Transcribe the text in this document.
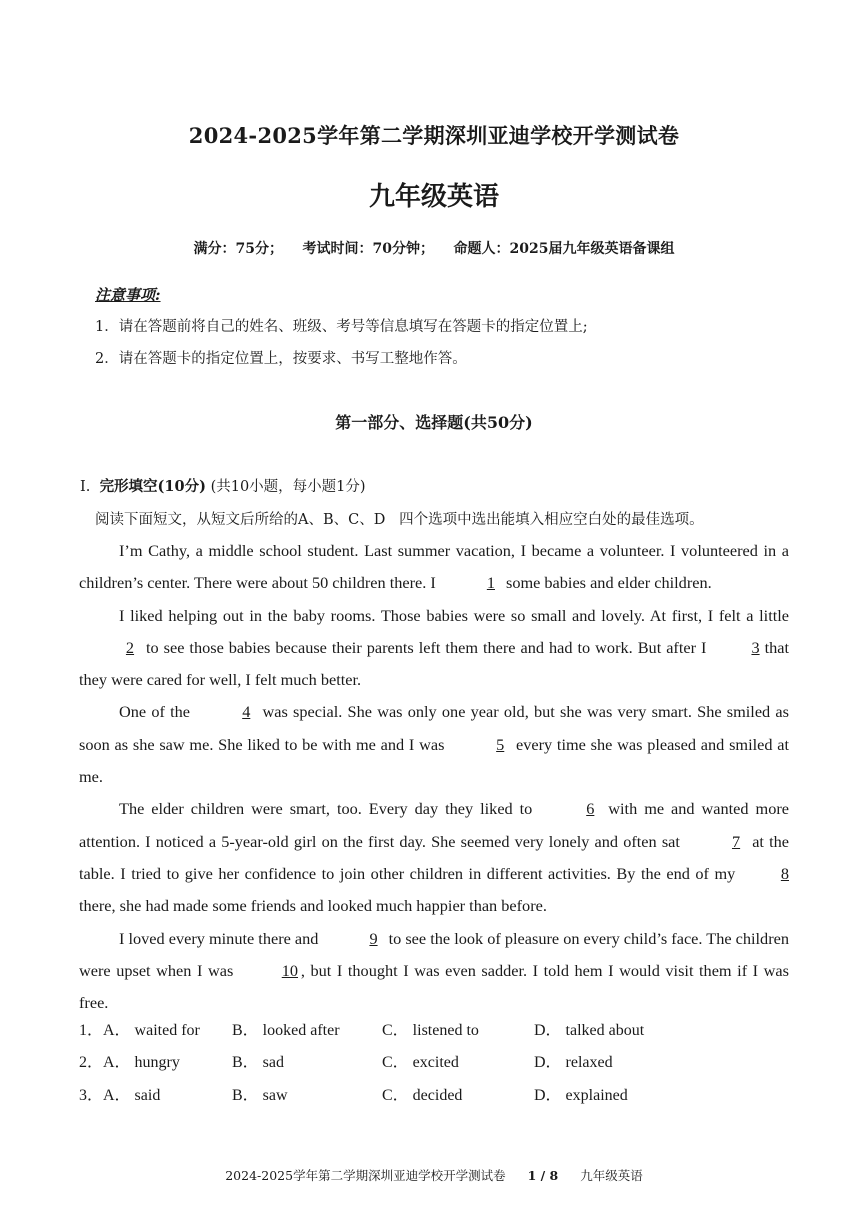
2024-2025学年第二学期深圳亚迪学校开学测试卷
九年级英语
满分：75分；    考试时间：70分钟；    命题人：2025届九年级英语备课组
注意事项:
1．请在答题前将自己的姓名、班级、考号等信息填写在答题卡的指定位置上;
2．请在答题卡的指定位置上，按要求、书写工整地作答。
第一部分、选择题(共50分)
I. 完形填空(10分) (共10小题，每小题1分)
阅读下面短文，从短文后所给的A、B、C、D   四个选项中选出能填入相应空白处的最佳选项。

I’m Cathy, a middle school student. Last summer vacation, I became a volunteer. I volunteered in a children’s center. There were about 50 children there. I	1 some babies and elder children.

I liked helping out in the baby rooms. Those babies were so small and lovely. At first, I felt a little 2 to see those babies because their parents left them there and had to work. But after I 3 that they were cared for well, I felt much better.

One of the	4 was special. She was only one year old, but she was very smart. She smiled as soon as she saw me. She liked to be with me and I was	5 every time she was pleased and smiled at me.

The elder children were smart, too. Every day they liked to	6 with me and wanted more attention. I noticed a 5-year-old girl on the first day. She seemed very lonely and often sat	7 at the table. I tried to give her confidence to join other children in different activities. By the end of my 8 there, she had made some friends and looked much happier than before.

I loved every minute there and	9 to see the look of pleasure on every child’s face. The children were upset when I was	10 , but I thought I was even sadder. I told hem I would visit them if I was free.

1． A． waited for B． looked after	C． listened to	D． talked about
2． A． hungry	B． sad	C． excited	D． relaxed
3． A． said	B． saw	C． decided	D． explained
2024-2025学年第二学期深圳亚迪学校开学测试卷 1 / 8 九年级英语
